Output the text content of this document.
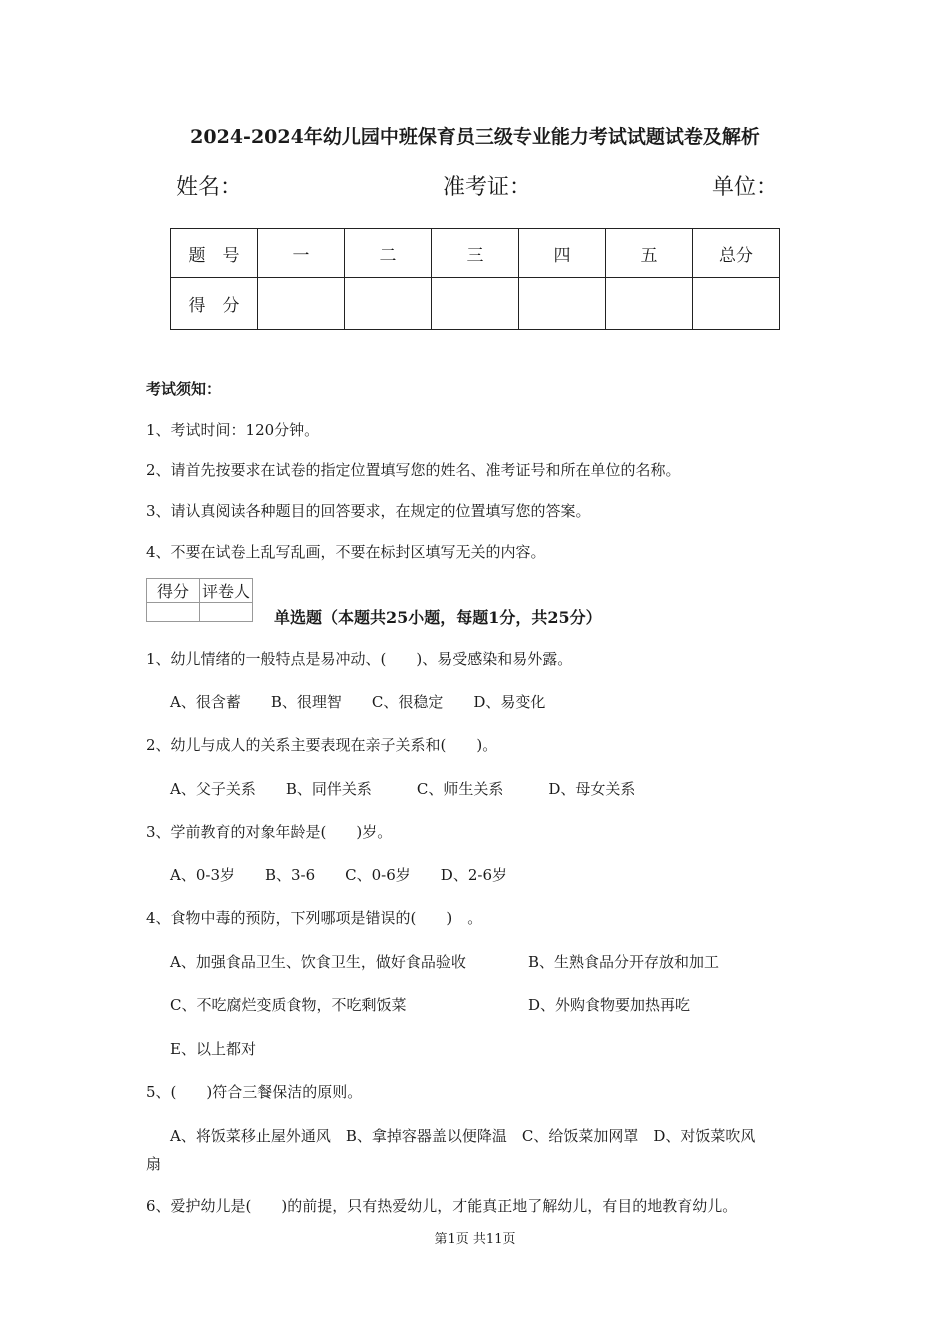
2024-2024年幼儿园中班保育员三级专业能力考试试题试卷及解析
姓名：	准考证：	单位：
题　号	一	二	三	四	五	总分
得　分						
考试须知：
1、考试时间：120分钟。
2、请首先按要求在试卷的指定位置填写您的姓名、准考证号和所在单位的名称。
3、请认真阅读各种题目的回答要求，在规定的位置填写您的答案。
4、不要在试卷上乱写乱画，不要在标封区填写无关的内容。
得分	评卷人

单选题（本题共25小题，每题1分，共25分）
1、幼儿情绪的一般特点是易冲动、(　　)、易受感染和易外露。
A、很含蓄　　B、很理智　　C、很稳定　　D、易变化
2、幼儿与成人的关系主要表现在亲子关系和(　　)。
A、父子关系　　B、同伴关系　　　C、师生关系　　　D、母女关系
3、学前教育的对象年龄是(　　)岁。
A、0-3岁　　B、3-6　　C、0-6岁　　D、2-6岁
4、食物中毒的预防，下列哪项是错误的(　　)　。
A、加强食品卫生、饮食卫生，做好食品验收	B、生熟食品分开存放和加工
C、不吃腐烂变质食物，不吃剩饭菜	D、外购食物要加热再吃
E、以上都对
5、(　　)符合三餐保洁的原则。
A、将饭菜移止屋外通风　B、拿掉容器盖以便降温　C、给饭菜加网罩　D、对饭菜吹风
扇
6、爱护幼儿是(　　)的前提，只有热爱幼儿，才能真正地了解幼儿，有目的地教育幼儿。
第1页 共11页
